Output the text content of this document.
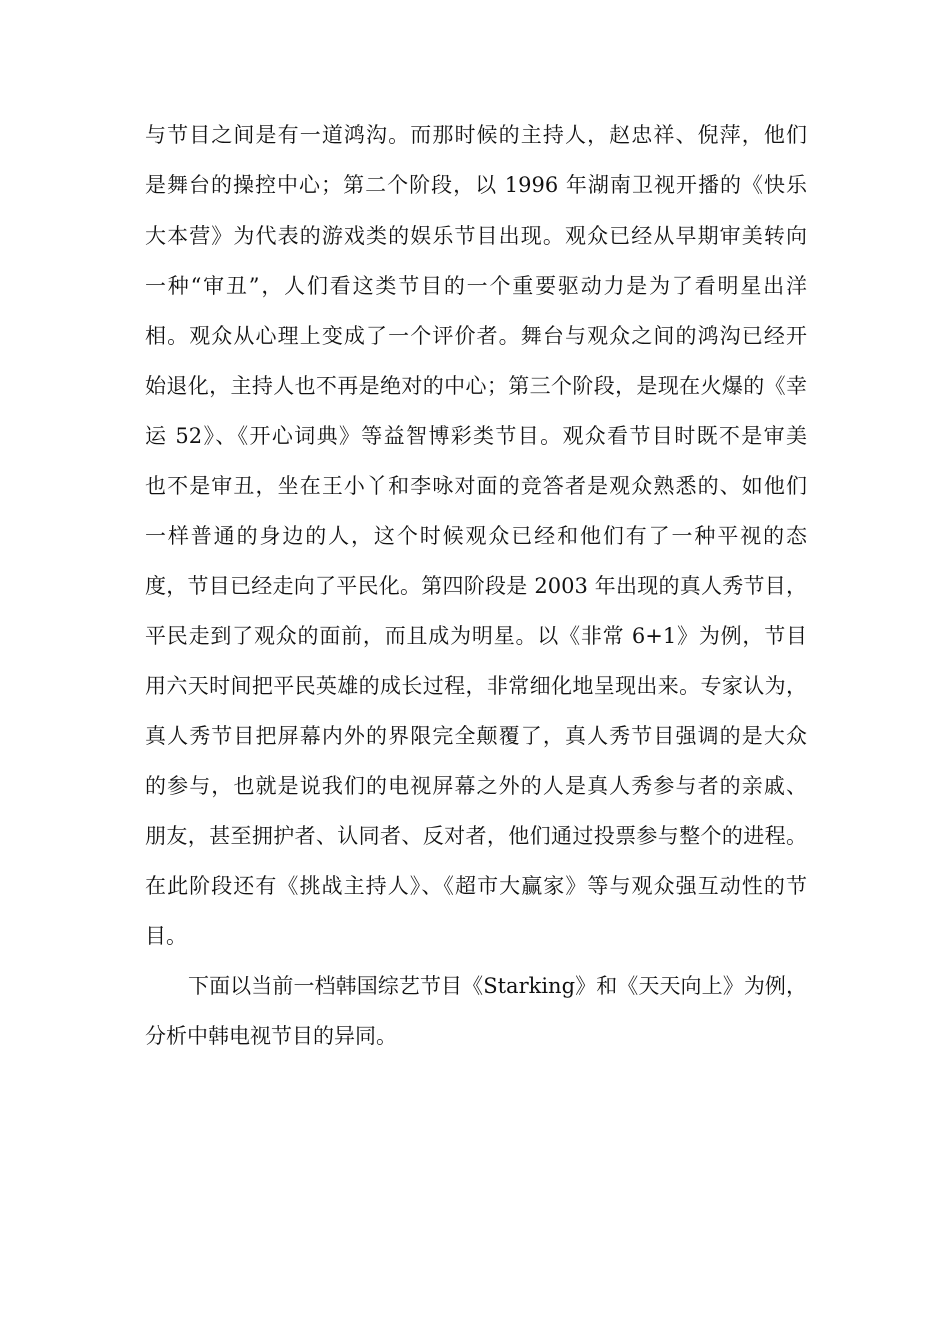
与节目之间是有一道鸿沟。而那时候的主持人，赵忠祥、倪萍，他们
是舞台的操控中心；第二个阶段，以 1996 年湖南卫视开播的《快乐
大本营》为代表的游戏类的娱乐节目出现。观众已经从早期审美转向
一种“审丑”，人们看这类节目的一个重要驱动力是为了看明星出洋
相。观众从心理上变成了一个评价者。舞台与观众之间的鸿沟已经开
始退化，主持人也不再是绝对的中心；第三个阶段，是现在火爆的《幸
运 52》、《开心词典》等益智博彩类节目。观众看节目时既不是审美
也不是审丑，坐在王小丫和李咏对面的竞答者是观众熟悉的、如他们
一样普通的身边的人，这个时候观众已经和他们有了一种平视的态
度，节目已经走向了平民化。第四阶段是 2003 年出现的真人秀节目，
平民走到了观众的面前，而且成为明星。以《非常 6+1》为例，节目
用六天时间把平民英雄的成长过程，非常细化地呈现出来。专家认为，
真人秀节目把屏幕内外的界限完全颠覆了，真人秀节目强调的是大众
的参与，也就是说我们的电视屏幕之外的人是真人秀参与者的亲戚、
朋友，甚至拥护者、认同者、反对者，他们通过投票参与整个的进程。
在此阶段还有《挑战主持人》、《超市大赢家》等与观众强互动性的节
目。
下面以当前一档韩国综艺节目《Starking》和《天天向上》为例，
分析中韩电视节目的异同。
